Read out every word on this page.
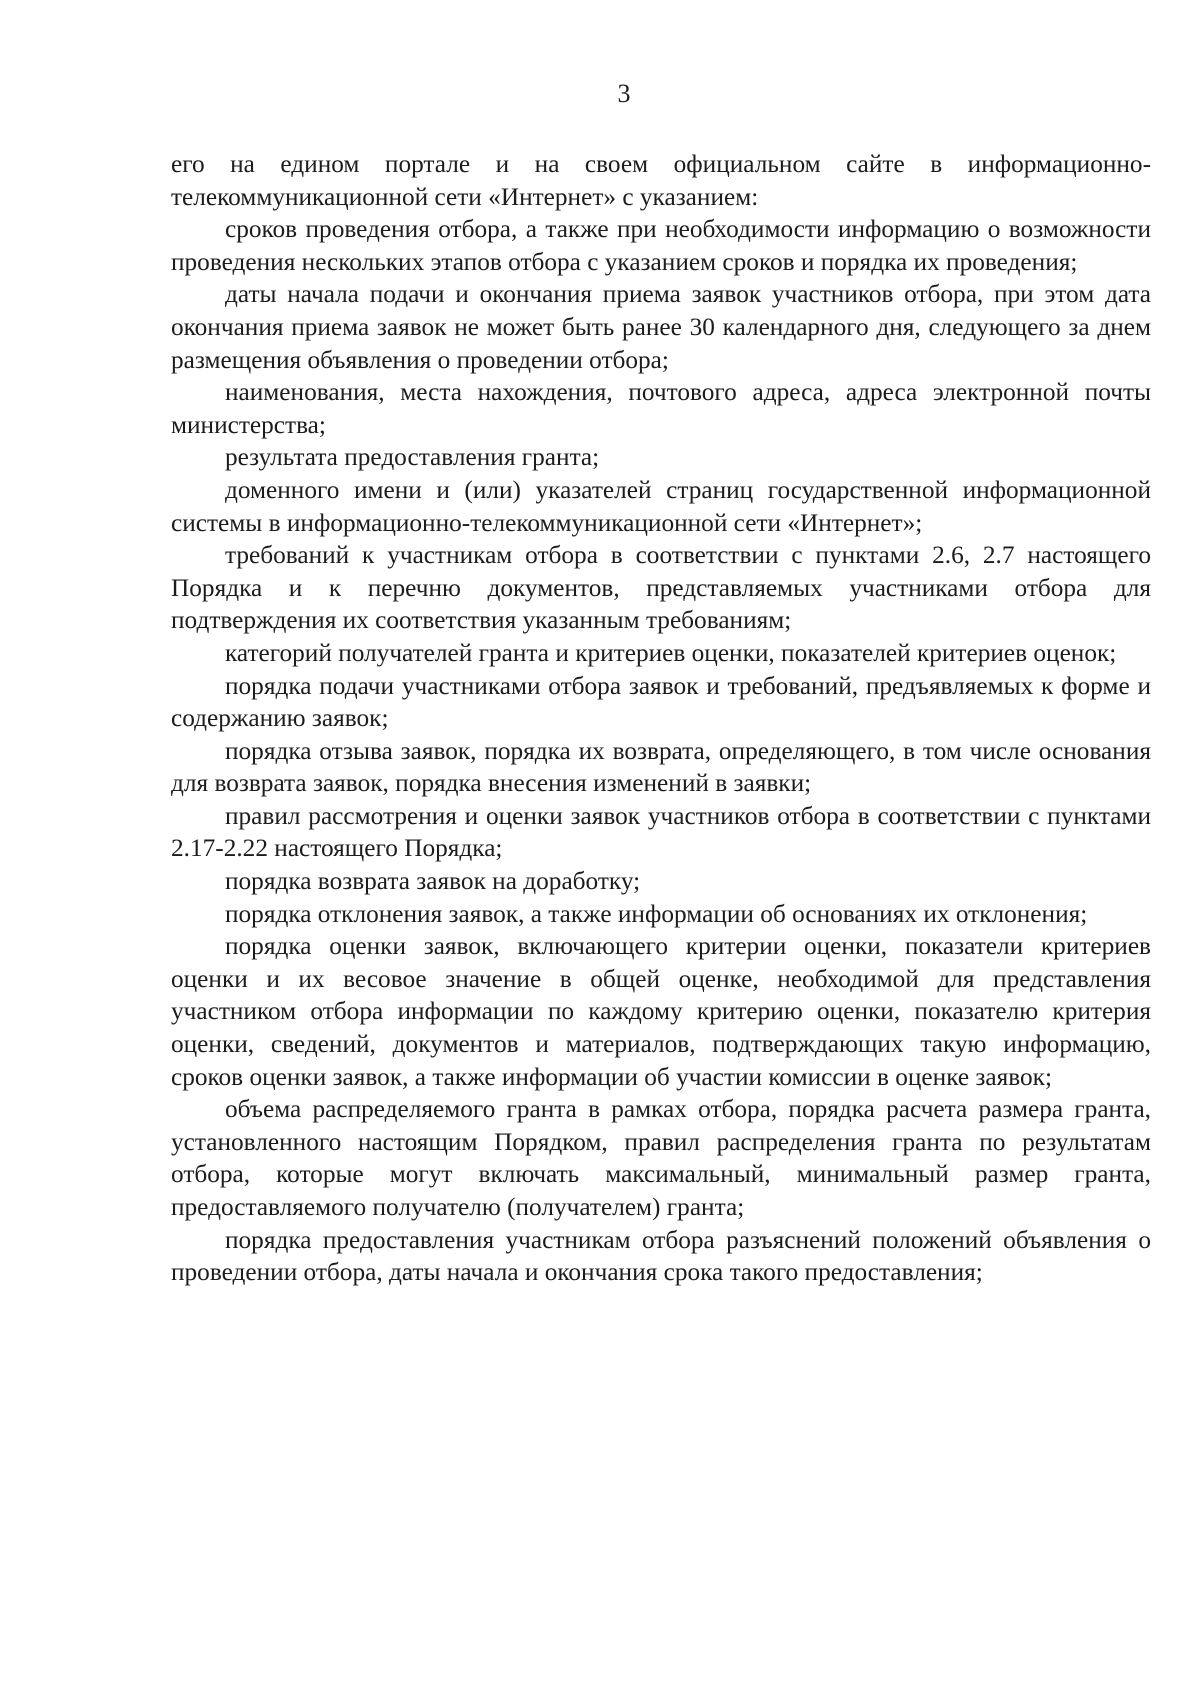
3

его на едином портале и на своем официальном сайте в информационно-телекоммуникационной сети «Интернет» с указанием:

сроков проведения отбора, а также при необходимости информацию о возможности проведения нескольких этапов отбора с указанием сроков и порядка их проведения;

даты начала подачи и окончания приема заявок участников отбора, при этом дата окончания приема заявок не может быть ранее 30 календарного дня, следующего за днем размещения объявления о проведении отбора;

наименования, места нахождения, почтового адреса, адреса электронной почты министерства;

результата предоставления гранта;

доменного имени и (или) указателей страниц государственной информационной системы в информационно-телекоммуникационной сети «Интернет»;

требований к участникам отбора в соответствии с пунктами 2.6, 2.7 настоящего Порядка и к перечню документов, представляемых участниками отбора для подтверждения их соответствия указанным требованиям;

категорий получателей гранта и критериев оценки, показателей критериев оценок;

порядка подачи участниками отбора заявок и требований, предъявляемых к форме и содержанию заявок;

порядка отзыва заявок, порядка их возврата, определяющего, в том числе основания для возврата заявок, порядка внесения изменений в заявки;

правил рассмотрения и оценки заявок участников отбора в соответствии с пунктами 2.17-2.22 настоящего Порядка;

порядка возврата заявок на доработку;

порядка отклонения заявок, а также информации об основаниях их отклонения;

порядка оценки заявок, включающего критерии оценки, показатели критериев оценки и их весовое значение в общей оценке, необходимой для представления участником отбора информации по каждому критерию оценки, показателю критерия оценки, сведений, документов и материалов, подтверждающих такую информацию, сроков оценки заявок, а также информации об участии комиссии в оценке заявок;

объема распределяемого гранта в рамках отбора, порядка расчета размера гранта, установленного настоящим Порядком, правил распределения гранта по результатам отбора, которые могут включать максимальный, минимальный размер гранта, предоставляемого получателю (получателем) гранта;

порядка предоставления участникам отбора разъяснений положений объявления о проведении отбора, даты начала и окончания срока такого предоставления;
